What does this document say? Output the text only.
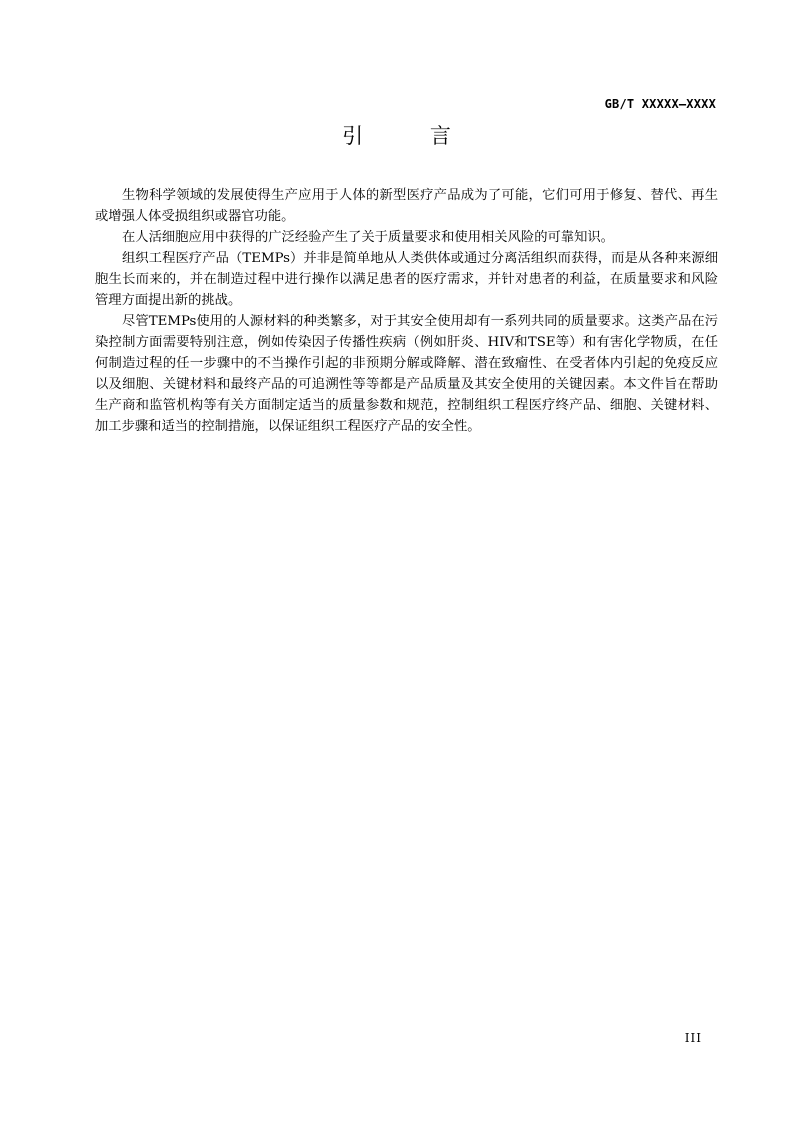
GB/T XXXXX—XXXX
引 言

生物科学领域的发展使得生产应用于人体的新型医疗产品成为了可能，它们可用于修复、替代、再生或增强人体受损组织或器官功能。

在人活细胞应用中获得的广泛经验产生了关于质量要求和使用相关风险的可靠知识。

组织工程医疗产品（TEMPs）并非是简单地从人类供体或通过分离活组织而获得，而是从各种来源细胞生长而来的，并在制造过程中进行操作以满足患者的医疗需求，并针对患者的利益，在质量要求和风险管理方面提出新的挑战。

尽管TEMPs使用的人源材料的种类繁多，对于其安全使用却有一系列共同的质量要求。这类产品在污染控制方面需要特别注意，例如传染因子传播性疾病（例如肝炎、HIV和TSE等）和有害化学物质，在任何制造过程的任一步骤中的不当操作引起的非预期分解或降解、潜在致瘤性、在受者体内引起的免疫反应以及细胞、关键材料和最终产品的可追溯性等等都是产品质量及其安全使用的关键因素。本文件旨在帮助生产商和监管机构等有关方面制定适当的质量参数和规范，控制组织工程医疗终产品、细胞、关键材料、加工步骤和适当的控制措施，以保证组织工程医疗产品的安全性。

III
